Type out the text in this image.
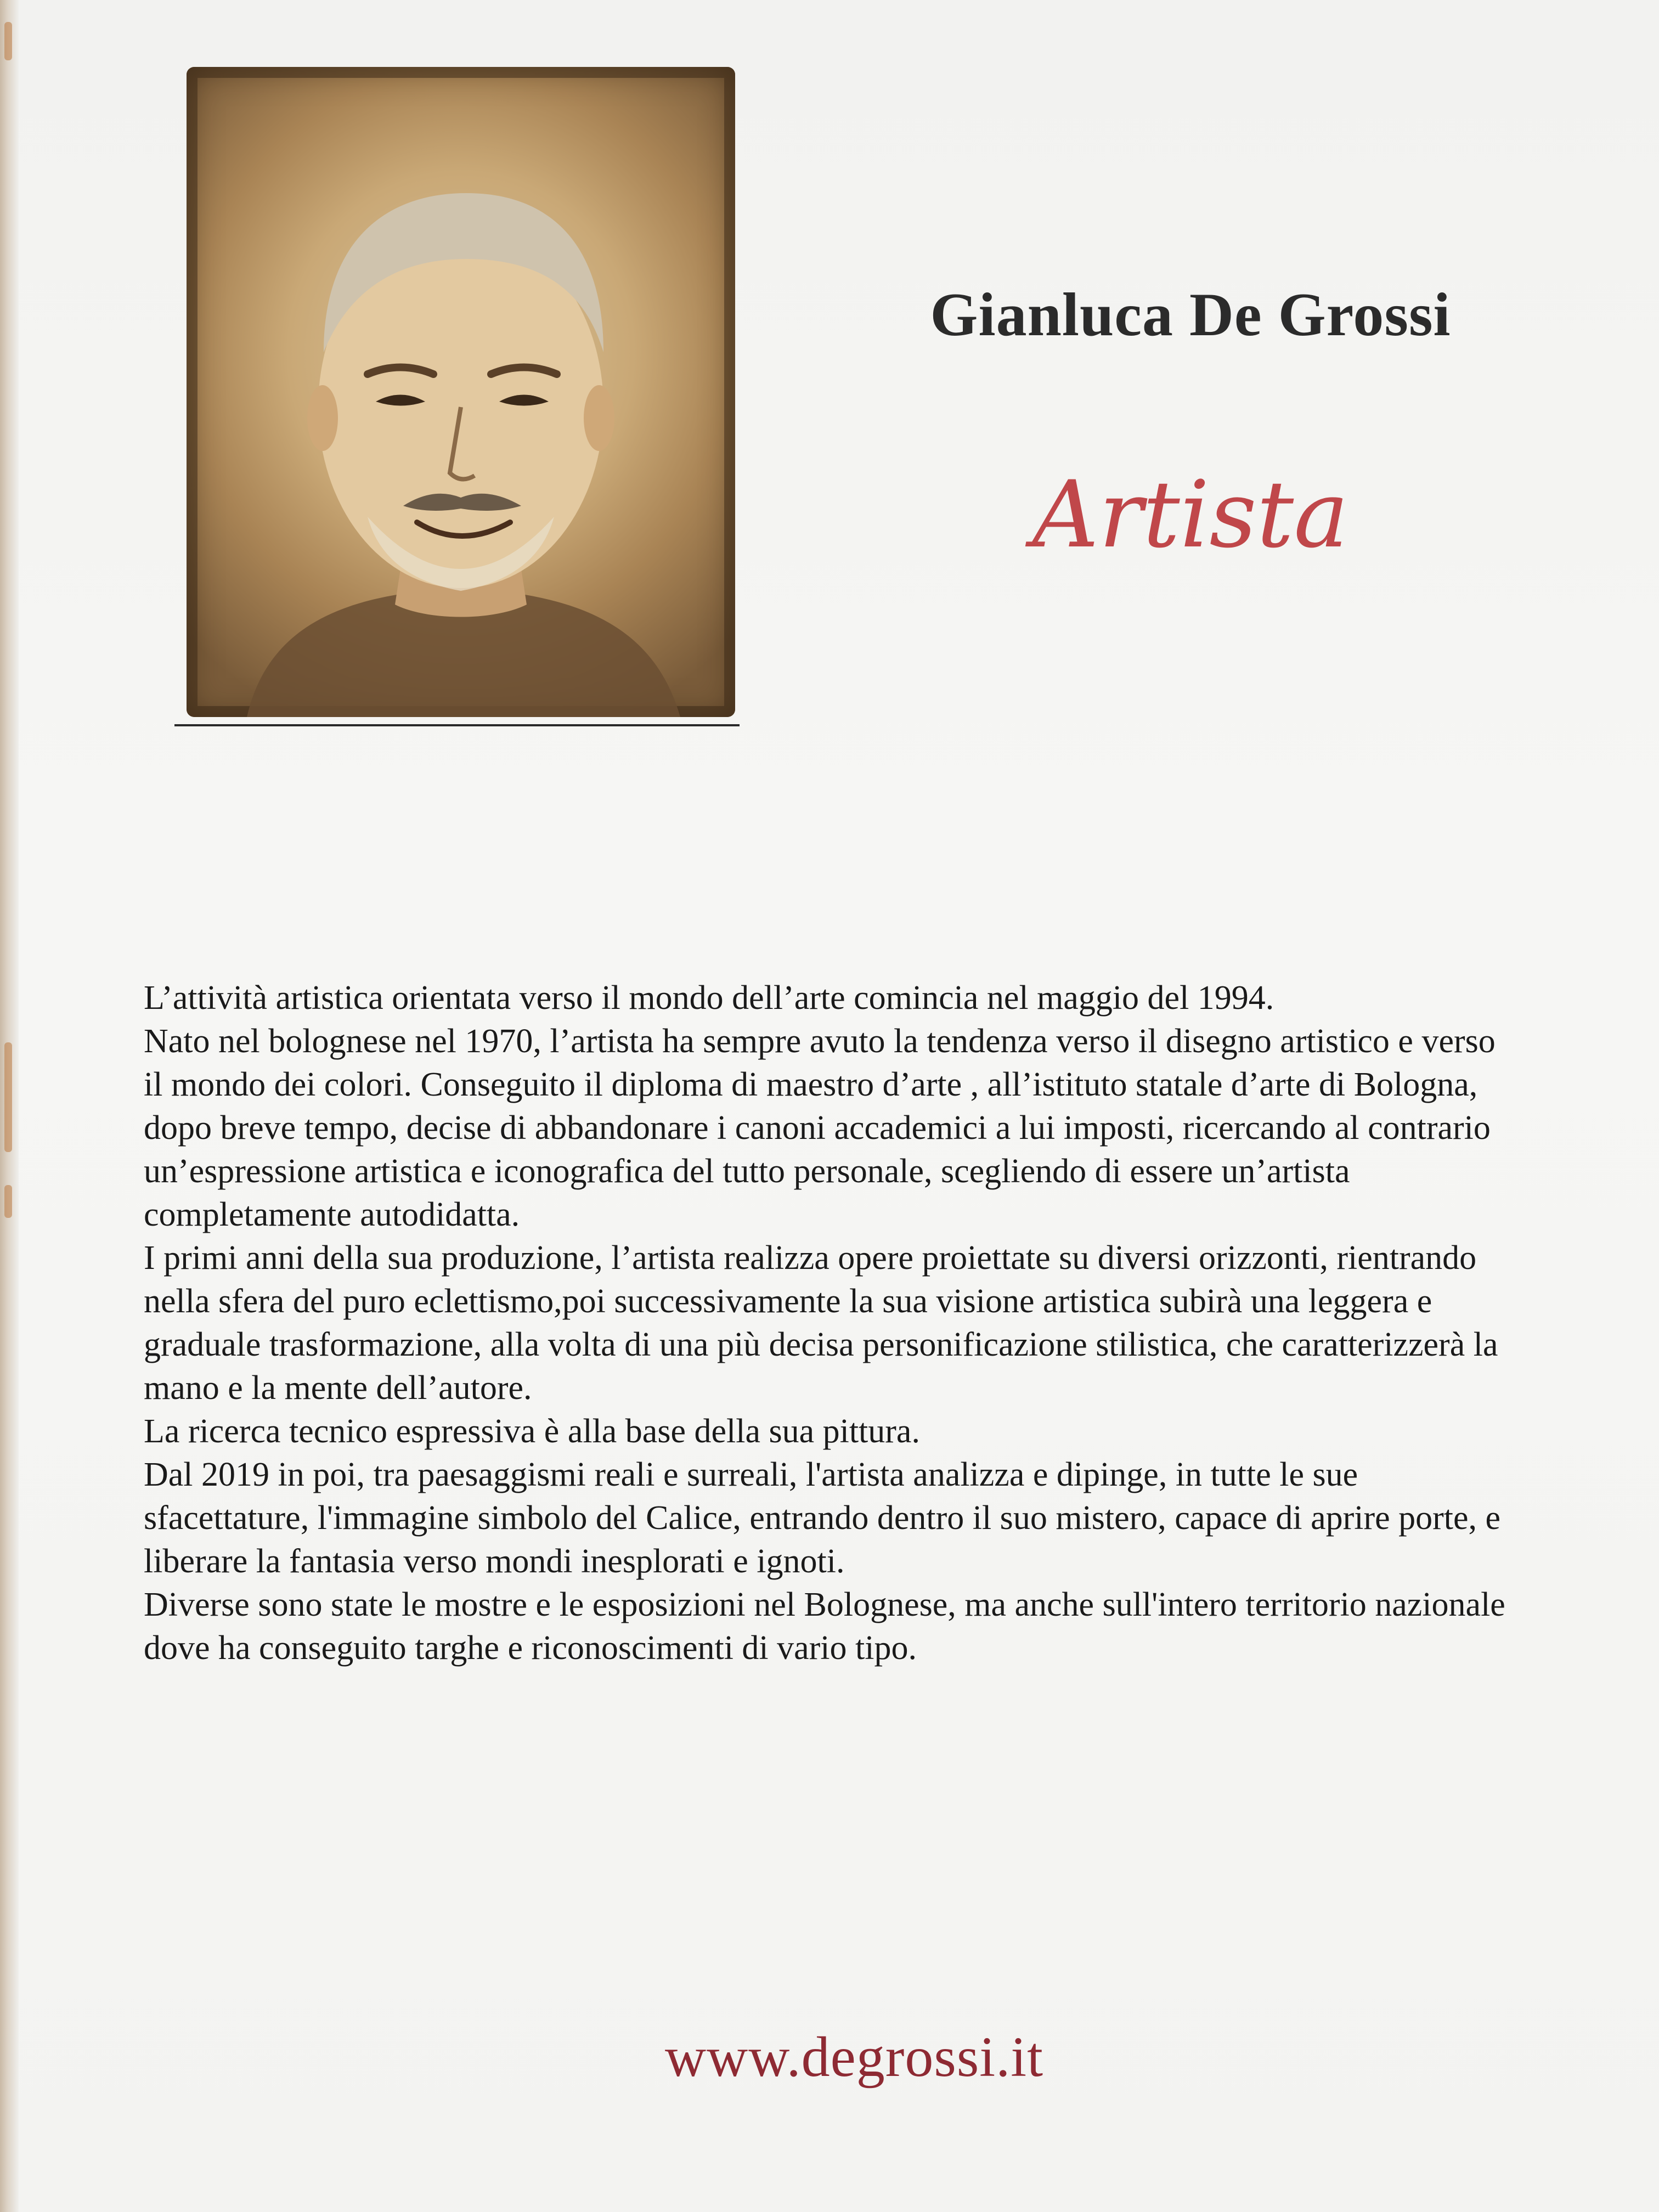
Gianluca De Grossi
Artista
L’attività artistica orientata verso il mondo dell’arte comincia nel maggio del 1994.
Nato nel bolognese nel 1970, l’artista ha sempre avuto la tendenza verso il disegno artistico e verso
il mondo dei colori. Conseguito il diploma di maestro d’arte , all’istituto statale d’arte di Bologna,
dopo breve tempo, decise di abbandonare i canoni accademici a lui imposti, ricercando al contrario
un’espressione artistica e iconografica del tutto personale, scegliendo di essere un’artista
completamente autodidatta.
I primi anni della sua produzione, l’artista realizza opere proiettate su diversi orizzonti, rientrando
nella sfera del puro eclettismo,poi successivamente la sua visione artistica subirà una leggera e
graduale trasformazione, alla volta di una più decisa personificazione stilistica, che caratterizzerà la
mano e la mente dell’autore.
La ricerca tecnico espressiva è alla base della sua pittura.
Dal 2019 in poi, tra paesaggismi reali e surreali, l'artista analizza e dipinge, in tutte le sue
sfacettature, l'immagine simbolo del Calice, entrando dentro il suo mistero, capace di aprire porte, e
liberare la fantasia verso mondi inesplorati e ignoti.
Diverse sono state le mostre e le esposizioni nel Bolognese, ma anche sull'intero territorio nazionale
dove ha conseguito targhe e riconoscimenti di vario tipo.
www.degrossi.it
